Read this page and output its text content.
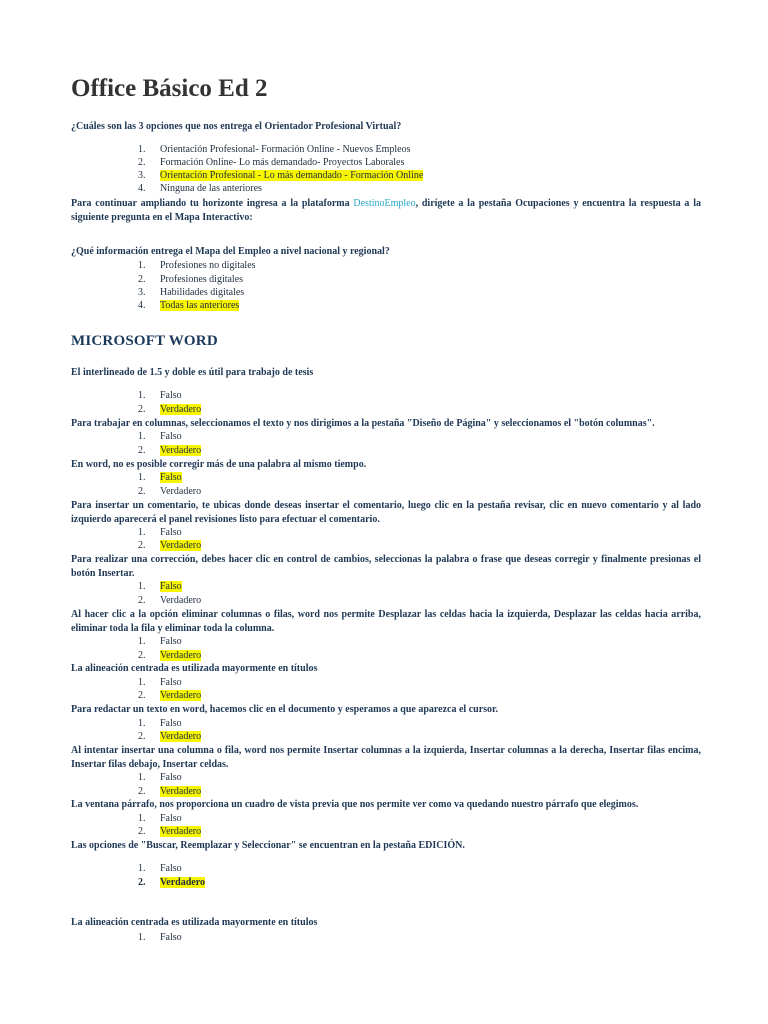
Office Básico Ed 2
¿Cuáles son las 3 opciones que nos entrega el Orientador Profesional Virtual?
1. Orientación Profesional- Formación Online - Nuevos Empleos
2. Formación Online- Lo más demandado- Proyectos Laborales
3. Orientación Profesional - Lo más demandado - Formación Online
4. Ninguna de las anteriores
Para continuar ampliando tu horizonte ingresa a la plataforma DestinoEmpleo, dirígete a la pestaña Ocupaciones y encuentra la respuesta a la siguiente pregunta en el Mapa Interactivo:
¿Qué información entrega el Mapa del Empleo a nivel nacional y regional?
1. Profesiones no digitales
2. Profesiones digitales
3. Habilidades digitales
4. Todas las anteriores
MICROSOFT WORD
El interlineado de 1.5 y doble es útil para trabajo de tesis
1. Falso
2. Verdadero
Para trabajar en columnas, seleccionamos el texto y nos dirigimos a la pestaña "Diseño de Página" y seleccionamos el "botón columnas".
1. Falso
2. Verdadero
En word, no es posible corregir más de una palabra al mismo tiempo.
1. Falso
2. Verdadero
Para insertar un comentario, te ubicas donde deseas insertar el comentario, luego clic en la pestaña revisar, clic en nuevo comentario y al lado izquierdo aparecerá el panel revisiones listo para efectuar el comentario.
1. Falso
2. Verdadero
Para realizar una corrección, debes hacer clic en control de cambios, seleccionas la palabra o frase que deseas corregir y finalmente presionas el botón Insertar.
1. Falso
2. Verdadero
Al hacer clic a la opción eliminar columnas o filas, word nos permite Desplazar las celdas hacia la izquierda, Desplazar las celdas hacia arriba, eliminar toda la fila y eliminar toda la columna.
1. Falso
2. Verdadero
La alineación centrada es utilizada mayormente en títulos
1. Falso
2. Verdadero
Para redactar un texto en word, hacemos clic en el documento y esperamos a que aparezca el cursor.
1. Falso
2. Verdadero
Al intentar insertar una columna o fila, word nos permite Insertar columnas a la izquierda, Insertar columnas a la derecha, Insertar filas encima, Insertar filas debajo, Insertar celdas.
1. Falso
2. Verdadero
La ventana párrafo, nos proporciona un cuadro de vista previa que nos permite ver como va quedando nuestro párrafo que elegimos.
1. Falso
2. Verdadero
Las opciones de "Buscar, Reemplazar y Seleccionar" se encuentran en la pestaña EDICIÓN.
1. Falso
2. Verdadero
La alineación centrada es utilizada mayormente en títulos
1. Falso
